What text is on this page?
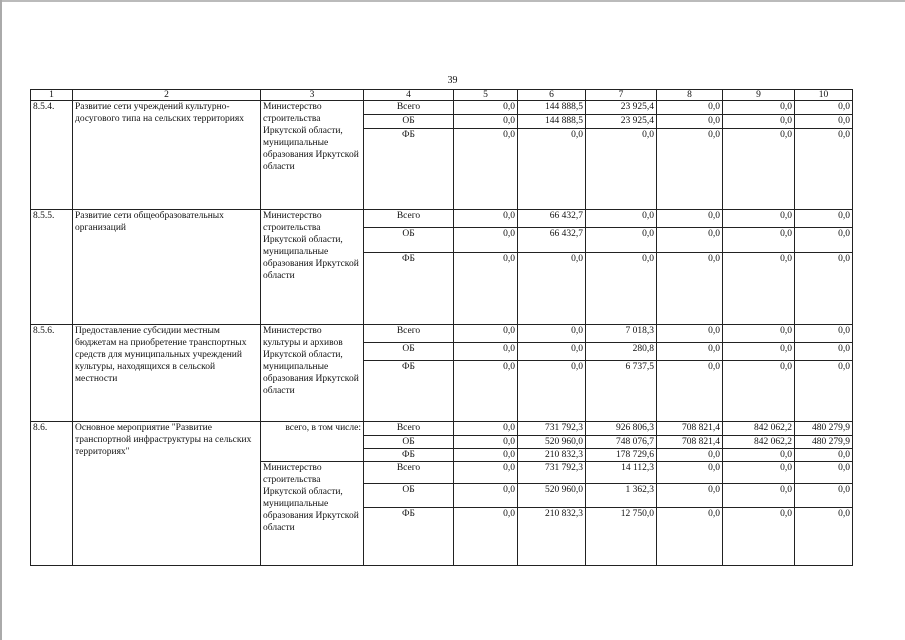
39
1	2	3	4	5	6	7	8	9	10
8.5.4.	Развитие сети учреждений культурно-досугового типа на сельских территориях	Министерство строительства Иркутской области, муниципальные образования Иркутской области	Всего	0,0	144 888,5	23 925,4	0,0	0,0	0,0
			ОБ	0,0	144 888,5	23 925,4	0,0	0,0	0,0
			ФБ	0,0	0,0	0,0	0,0	0,0	0,0
8.5.5.	Развитие сети общеобразовательных организаций	Министерство строительства Иркутской области, муниципальные образования Иркутской области	Всего	0,0	66 432,7	0,0	0,0	0,0	0,0
			ОБ	0,0	66 432,7	0,0	0,0	0,0	0,0
			ФБ	0,0	0,0	0,0	0,0	0,0	0,0
8.5.6.	Предоставление субсидии местным бюджетам на приобретение транспортных средств для муниципальных учреждений культуры, находящихся в сельской местности	Министерство культуры и архивов Иркутской области, муниципальные образования Иркутской области	Всего	0,0	0,0	7 018,3	0,0	0,0	0,0
			ОБ	0,0	0,0	280,8	0,0	0,0	0,0
			ФБ	0,0	0,0	6 737,5	0,0	0,0	0,0
8.6.	Основное мероприятие "Развитие транспортной инфраструктуры на сельских территориях"	всего, в том числе:	Всего	0,0	731 792,3	926 806,3	708 821,4	842 062,2	480 279,9
			ОБ	0,0	520 960,0	748 076,7	708 821,4	842 062,2	480 279,9
			ФБ	0,0	210 832,3	178 729,6	0,0	0,0	0,0
		Министерство строительства Иркутской области, муниципальные образования Иркутской области	Всего	0,0	731 792,3	14 112,3	0,0	0,0	0,0
			ОБ	0,0	520 960,0	1 362,3	0,0	0,0	0,0
			ФБ	0,0	210 832,3	12 750,0	0,0	0,0	0,0
